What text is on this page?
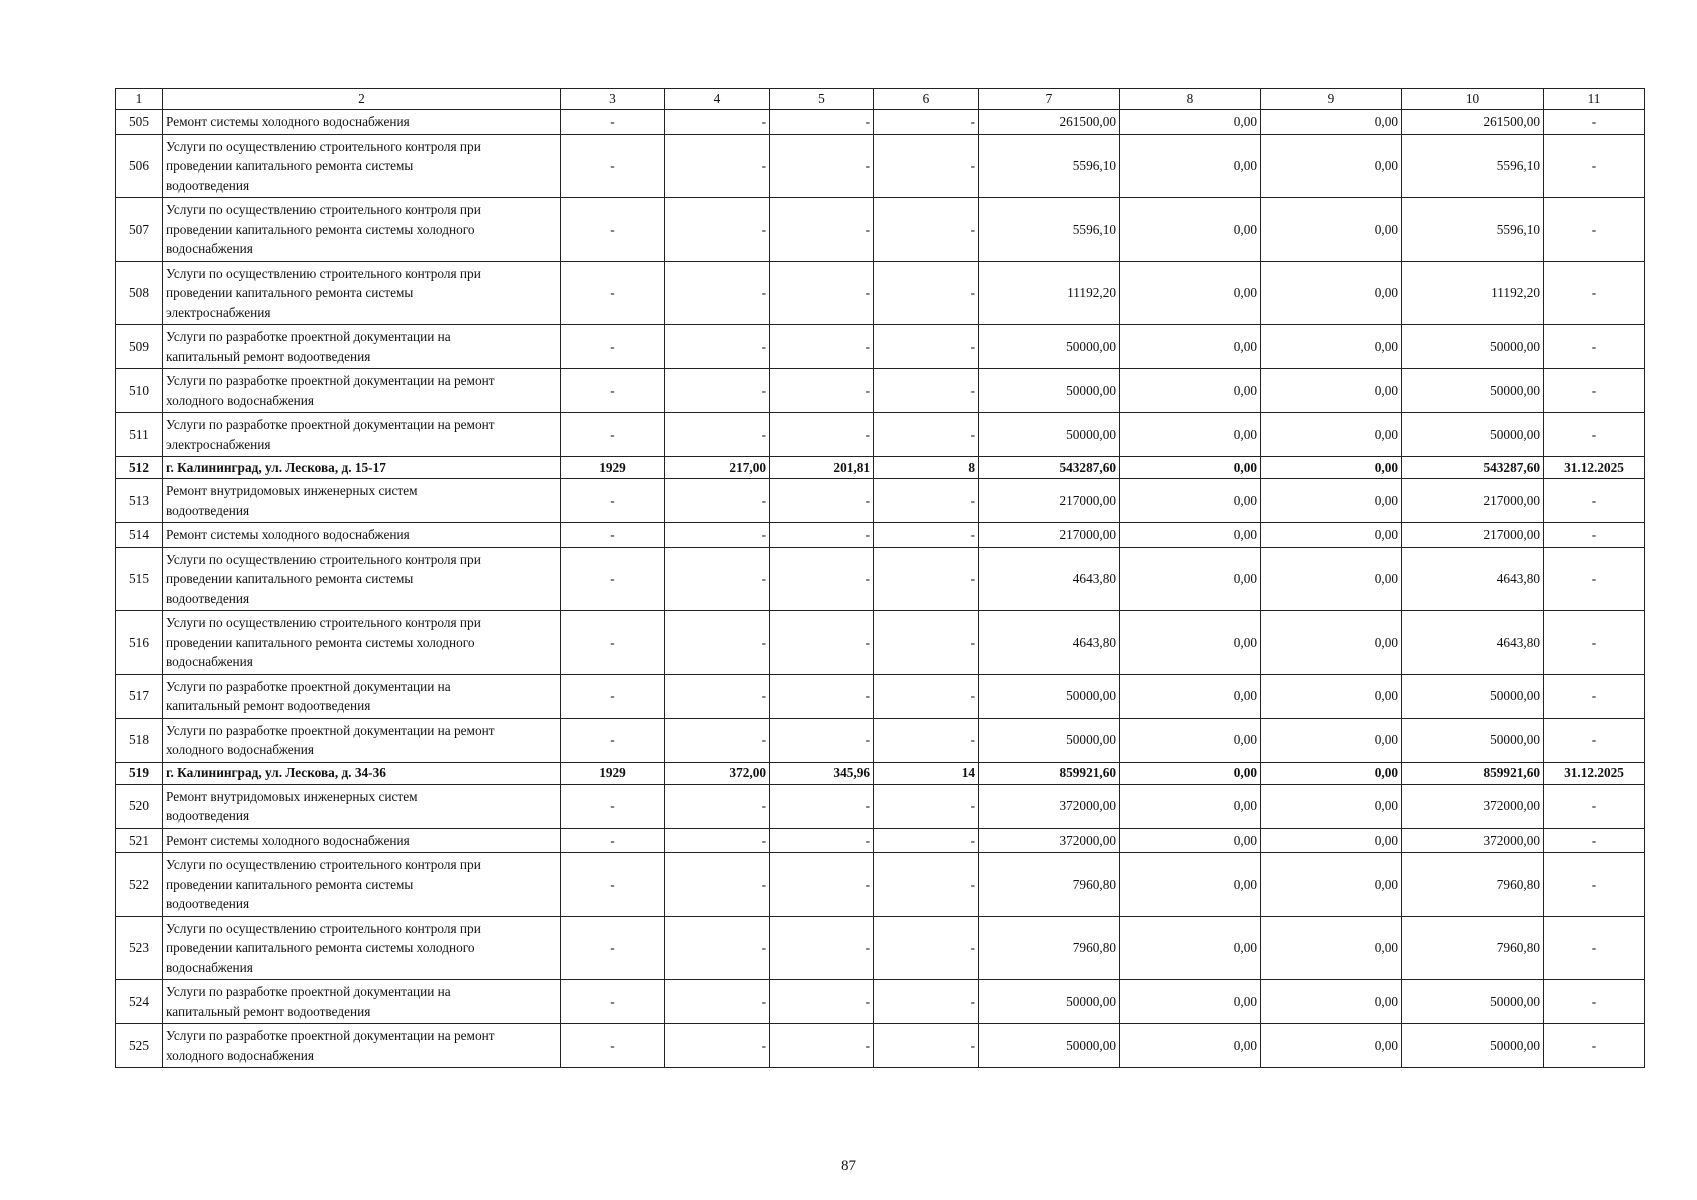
1	2	3	4	5	6	7	8	9	10	11
505	Ремонт системы холодного водоснабжения	-	-	-	-	261500,00	0,00	0,00	261500,00	-
506	Услуги по осуществлению строительного контроля при
проведении капитального ремонта системы
водоотведения	-	-	-	-	5596,10	0,00	0,00	5596,10	-
507	Услуги по осуществлению строительного контроля при
проведении капитального ремонта системы холодного
водоснабжения	-	-	-	-	5596,10	0,00	0,00	5596,10	-
508	Услуги по осуществлению строительного контроля при
проведении капитального ремонта системы
электроснабжения	-	-	-	-	11192,20	0,00	0,00	11192,20	-
509	Услуги по разработке проектной документации на
капитальный ремонт водоотведения	-	-	-	-	50000,00	0,00	0,00	50000,00	-
510	Услуги по разработке проектной документации на ремонт
холодного водоснабжения	-	-	-	-	50000,00	0,00	0,00	50000,00	-
511	Услуги по разработке проектной документации на ремонт
электроснабжения	-	-	-	-	50000,00	0,00	0,00	50000,00	-
512	г. Калининград, ул. Лескова, д. 15-17	1929	217,00	201,81	8	543287,60	0,00	0,00	543287,60	31.12.2025
513	Ремонт внутридомовых инженерных систем
водоотведения	-	-	-	-	217000,00	0,00	0,00	217000,00	-
514	Ремонт системы холодного водоснабжения	-	-	-	-	217000,00	0,00	0,00	217000,00	-
515	Услуги по осуществлению строительного контроля при
проведении капитального ремонта системы
водоотведения	-	-	-	-	4643,80	0,00	0,00	4643,80	-
516	Услуги по осуществлению строительного контроля при
проведении капитального ремонта системы холодного
водоснабжения	-	-	-	-	4643,80	0,00	0,00	4643,80	-
517	Услуги по разработке проектной документации на
капитальный ремонт водоотведения	-	-	-	-	50000,00	0,00	0,00	50000,00	-
518	Услуги по разработке проектной документации на ремонт
холодного водоснабжения	-	-	-	-	50000,00	0,00	0,00	50000,00	-
519	г. Калининград, ул. Лескова, д. 34-36	1929	372,00	345,96	14	859921,60	0,00	0,00	859921,60	31.12.2025
520	Ремонт внутридомовых инженерных систем
водоотведения	-	-	-	-	372000,00	0,00	0,00	372000,00	-
521	Ремонт системы холодного водоснабжения	-	-	-	-	372000,00	0,00	0,00	372000,00	-
522	Услуги по осуществлению строительного контроля при
проведении капитального ремонта системы
водоотведения	-	-	-	-	7960,80	0,00	0,00	7960,80	-
523	Услуги по осуществлению строительного контроля при
проведении капитального ремонта системы холодного
водоснабжения	-	-	-	-	7960,80	0,00	0,00	7960,80	-
524	Услуги по разработке проектной документации на
капитальный ремонт водоотведения	-	-	-	-	50000,00	0,00	0,00	50000,00	-
525	Услуги по разработке проектной документации на ремонт
холодного водоснабжения	-	-	-	-	50000,00	0,00	0,00	50000,00	-
87
